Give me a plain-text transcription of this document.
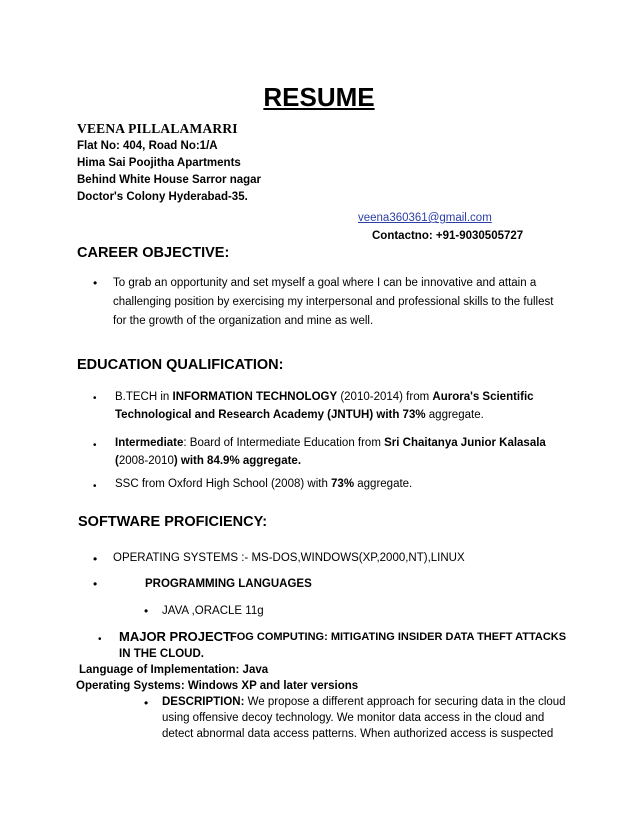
RESUME
VEENA PILLALAMARRI
Flat No: 404, Road No:1/A
Hima Sai Poojitha Apartments
Behind White House Sarror nagar
Doctor's Colony Hyderabad-35.
veena360361@gmail.com
Contactno: +91-9030505727
CAREER OBJECTIVE:
• To grab an opportunity and set myself a goal where I can be innovative and attain a
challenging position by exercising my interpersonal and professional skills to the fullest
for the growth of the organization and mine as well.
EDUCATION QUALIFICATION:
• B.TECH in INFORMATION TECHNOLOGY (2010-2014) from Aurora's Scientific
Technological and Research Academy (JNTUH) with 73% aggregate.
• Intermediate: Board of Intermediate Education from Sri Chaitanya Junior Kalasala
(2008-2010) with 84.9% aggregate.
• SSC from Oxford High School (2008) with 73% aggregate.
SOFTWARE PROFICIENCY:
• OPERATING SYSTEMS :- MS-DOS,WINDOWS(XP,2000,NT),LINUX
•	PROGRAMMING LANGUAGES
• JAVA ,ORACLE 11g
• MAJOR PROJECT:
FOG COMPUTING: MITIGATING INSIDER DATA THEFT ATTACKS
IN THE CLOUD.
Language of Implementation: Java
Operating Systems: Windows XP and later versions
• DESCRIPTION: We propose a different approach for securing data in the cloud
using offensive decoy technology. We monitor data access in the cloud and
detect abnormal data access patterns. When authorized access is suspected
